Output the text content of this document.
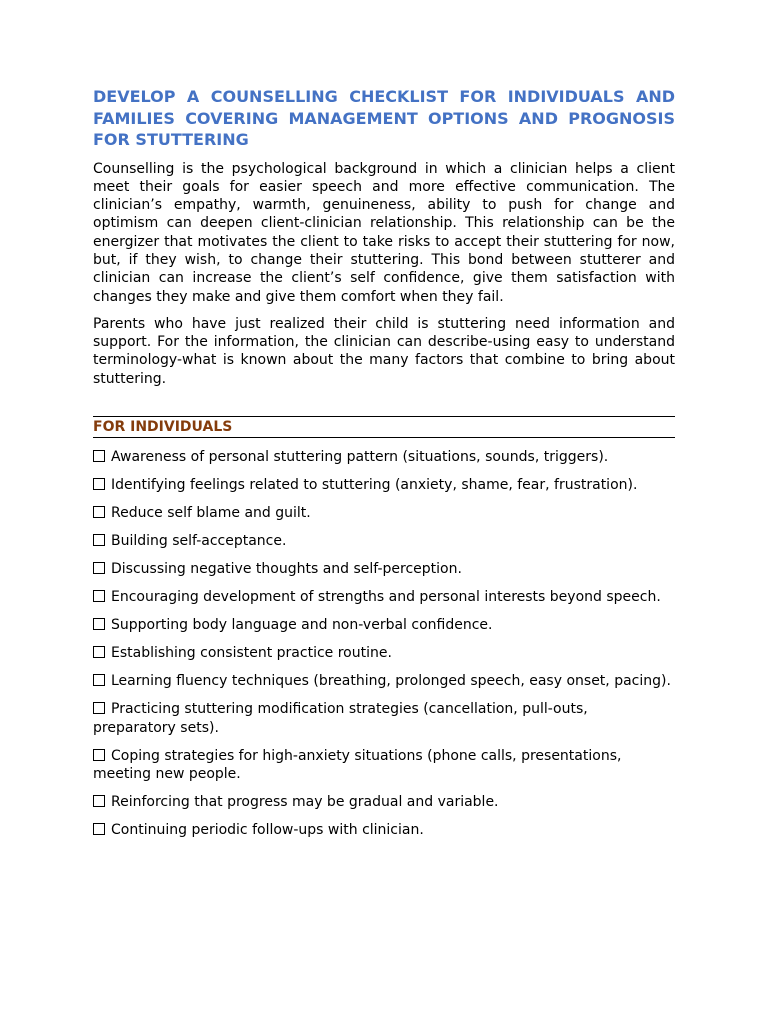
DEVELOP A COUNSELLING CHECKLIST FOR INDIVIDUALS AND FAMILIES COVERING MANAGEMENT OPTIONS AND PROGNOSIS FOR STUTTERING

Counselling is the psychological background in which a clinician helps a client meet their goals for easier speech and more effective communication. The clinician’s empathy, warmth, genuineness, ability to push for change and optimism can deepen client-clinician relationship. This relationship can be the energizer that motivates the client to take risks to accept their stuttering for now, but, if they wish, to change their stuttering. This bond between stutterer and clinician can increase the client’s self confidence, give them satisfaction with changes they make and give them comfort when they fail.

Parents who have just realized their child is stuttering need information and support. For the information, the clinician can describe-using easy to understand terminology-what is known about the many factors that combine to bring about stuttering.

FOR INDIVIDUALS
Awareness of personal stuttering pattern (situations, sounds, triggers).
Identifying feelings related to stuttering (anxiety, shame, fear, frustration).
Reduce self blame and guilt.
Building self-acceptance.
Discussing negative thoughts and self-perception.
Encouraging development of strengths and personal interests beyond speech.
Supporting body language and non-verbal confidence.
Establishing consistent practice routine.
Learning fluency techniques (breathing, prolonged speech, easy onset, pacing).
Practicing stuttering modification strategies (cancellation, pull-outs, preparatory sets).
Coping strategies for high-anxiety situations (phone calls, presentations, meeting new people.
Reinforcing that progress may be gradual and variable.
Continuing periodic follow-ups with clinician.
